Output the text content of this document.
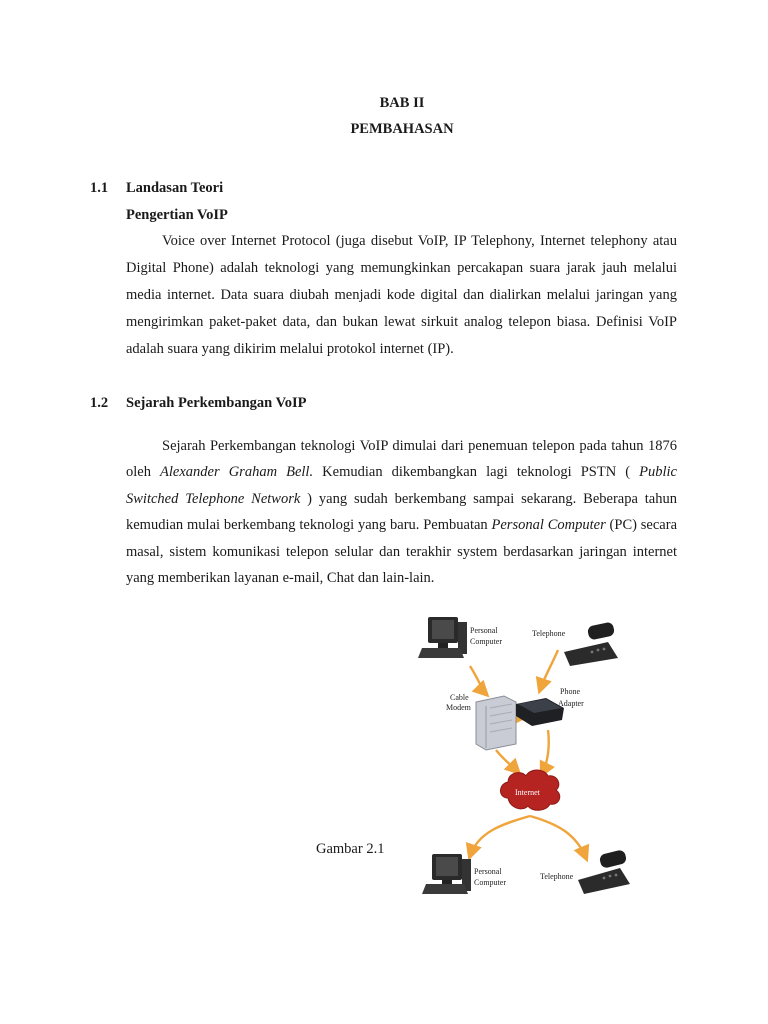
BAB II
PEMBAHASAN
1.1 Landasan Teori
Pengertian VoIP

Voice over Internet Protocol (juga disebut VoIP, IP Telephony, Internet telephony atau Digital Phone) adalah teknologi yang memungkinkan percakapan suara jarak jauh melalui media internet. Data suara diubah menjadi kode digital dan dialirkan melalui jaringan yang mengirimkan paket-paket data, dan bukan lewat sirkuit analog telepon biasa. Definisi VoIP adalah suara yang dikirim melalui protokol internet (IP).

1.2 Sejarah Perkembangan VoIP

Sejarah Perkembangan teknologi VoIP dimulai dari penemuan telepon pada tahun 1876 oleh Alexander Graham Bell. Kemudian dikembangkan lagi teknologi PSTN ( Public Switched Telephone Network ) yang sudah berkembang sampai sekarang. Beberapa tahun kemudian mulai berkembang teknologi yang baru. Pembuatan Personal Computer (PC) secara masal, sistem komunikasi telepon selular dan terakhir system berdasarkan jaringan internet yang memberikan layanan e-mail, Chat dan lain-lain.

Gambar 2.1
Personal
Computer
Telephone
Cable
Modem
Phone
Adapter
Internet
Personal
Computer
Telephone
